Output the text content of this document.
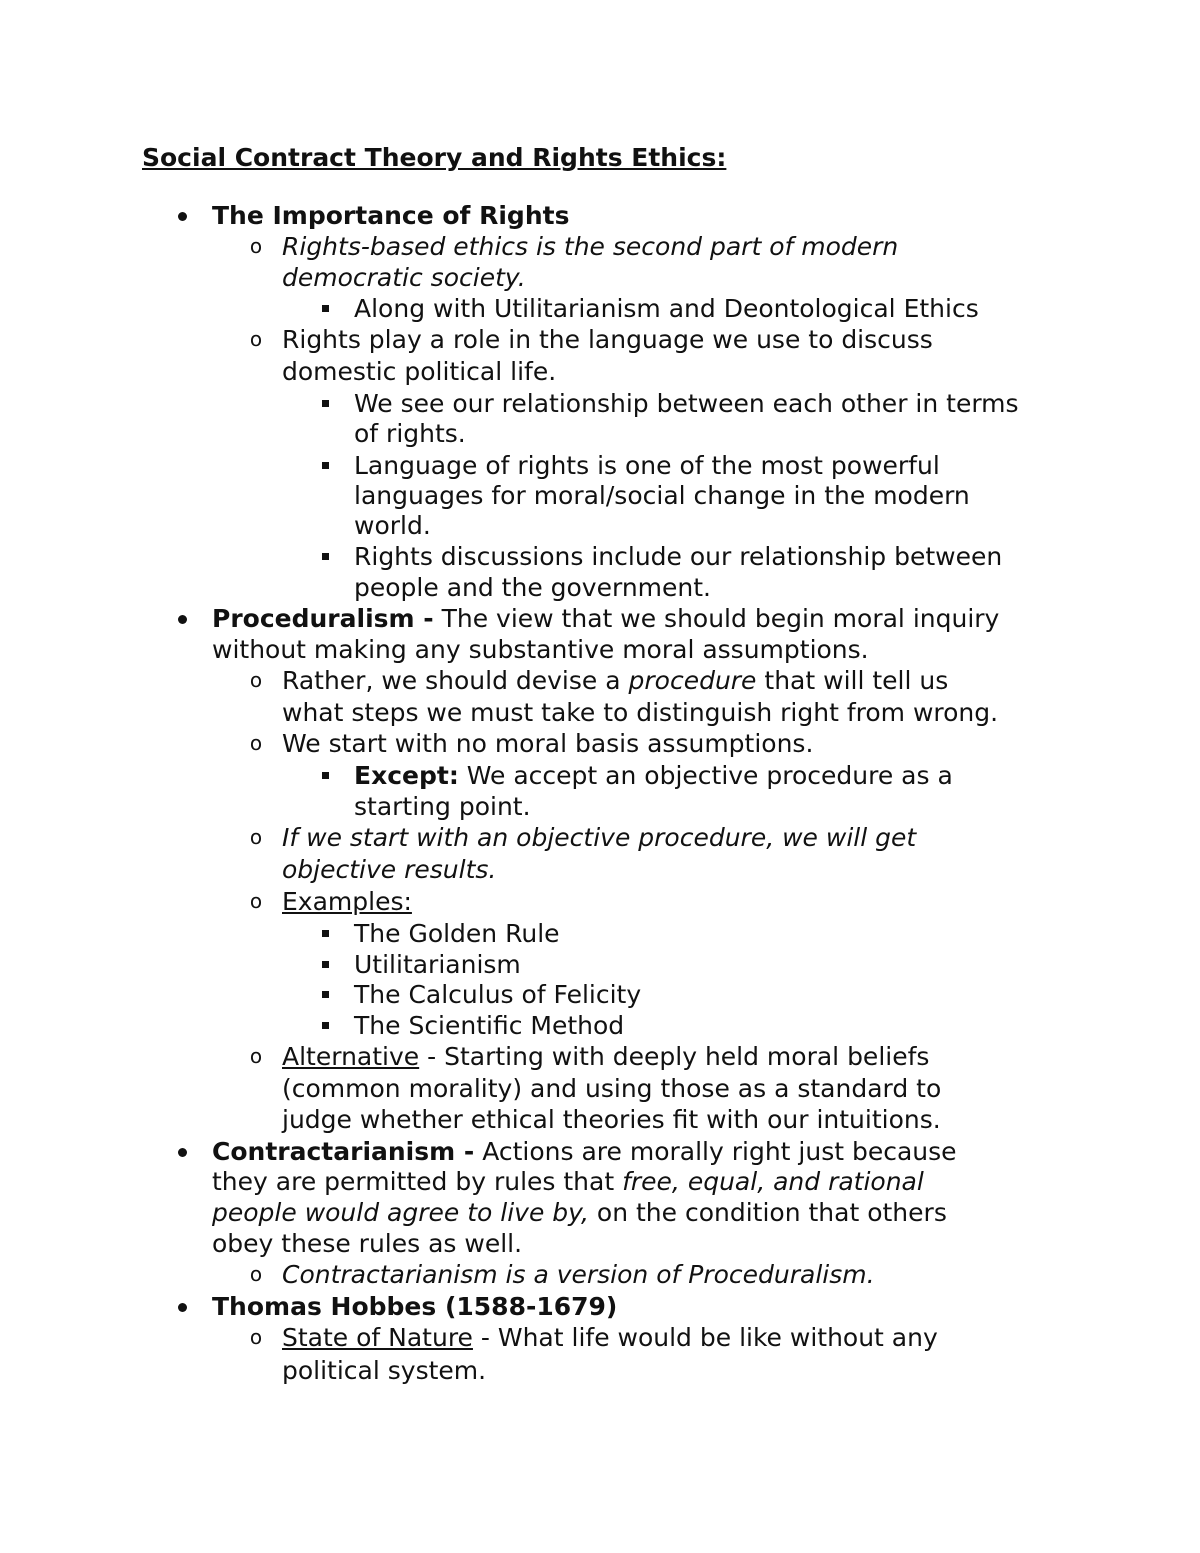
Social Contract Theory and Rights Ethics:
The Importance of Rights
o Rights-based ethics is the second part of modern
democratic society.
Along with Utilitarianism and Deontological Ethics
o Rights play a role in the language we use to discuss
domestic political life.
We see our relationship between each other in terms
of rights.
Language of rights is one of the most powerful
languages for moral/social change in the modern
world.
Rights discussions include our relationship between
people and the government.
Proceduralism - The view that we should begin moral inquiry
without making any substantive moral assumptions.
o Rather, we should devise a procedure that will tell us
what steps we must take to distinguish right from wrong.
o We start with no moral basis assumptions.
Except: We accept an objective procedure as a
starting point.
o If we start with an objective procedure, we will get
objective results.
o Examples:
The Golden Rule
Utilitarianism
The Calculus of Felicity
The Scientific Method
o Alternative - Starting with deeply held moral beliefs
(common morality) and using those as a standard to
judge whether ethical theories fit with our intuitions.
Contractarianism - Actions are morally right just because
they are permitted by rules that free, equal, and rational
people would agree to live by, on the condition that others
obey these rules as well.
o Contractarianism is a version of Proceduralism.
Thomas Hobbes (1588-1679)
o State of Nature - What life would be like without any
political system.
